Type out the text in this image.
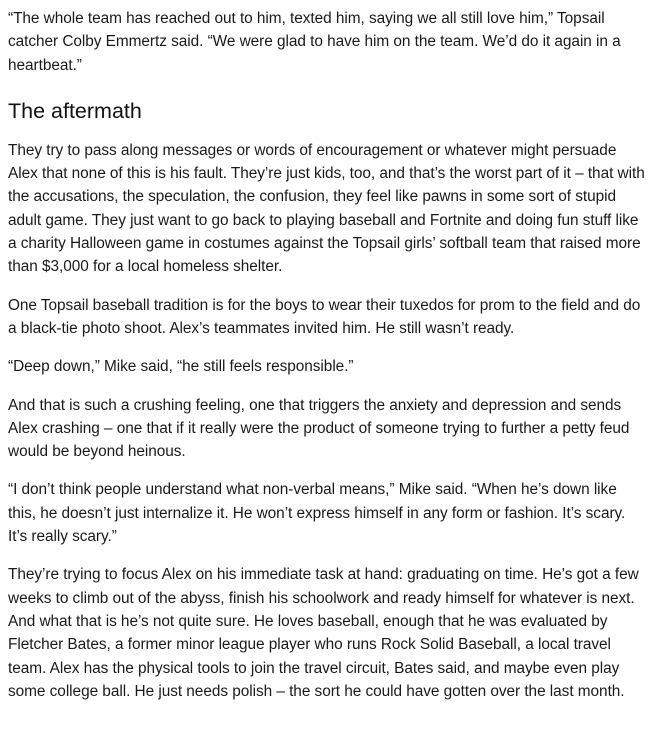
“The whole team has reached out to him, texted him, saying we all still love him,” Topsail catcher Colby Emmertz said. “We were glad to have him on the team. We’d do it again in a heartbeat.”

The aftermath

They try to pass along messages or words of encouragement or whatever might persuade Alex that none of this is his fault. They’re just kids, too, and that’s the worst part of it – that with the accusations, the speculation, the confusion, they feel like pawns in some sort of stupid adult game. They just want to go back to playing baseball and Fortnite and doing fun stuff like a charity Halloween game in costumes against the Topsail girls’ softball team that raised more than $3,000 for a local homeless shelter.

One Topsail baseball tradition is for the boys to wear their tuxedos for prom to the field and do a black-tie photo shoot. Alex’s teammates invited him. He still wasn’t ready.

“Deep down,” Mike said, “he still feels responsible.”

And that is such a crushing feeling, one that triggers the anxiety and depression and sends Alex crashing – one that if it really were the product of someone trying to further a petty feud would be beyond heinous.

“I don’t think people understand what non-verbal means,” Mike said. “When he’s down like this, he doesn’t just internalize it. He won’t express himself in any form or fashion. It’s scary. It’s really scary.”

They’re trying to focus Alex on his immediate task at hand: graduating on time. He’s got a few weeks to climb out of the abyss, finish his schoolwork and ready himself for whatever is next. And what that is he’s not quite sure. He loves baseball, enough that he was evaluated by Fletcher Bates, a former minor league player who runs Rock Solid Baseball, a local travel team. Alex has the physical tools to join the travel circuit, Bates said, and maybe even play some college ball. He just needs polish – the sort he could have gotten over the last month.
